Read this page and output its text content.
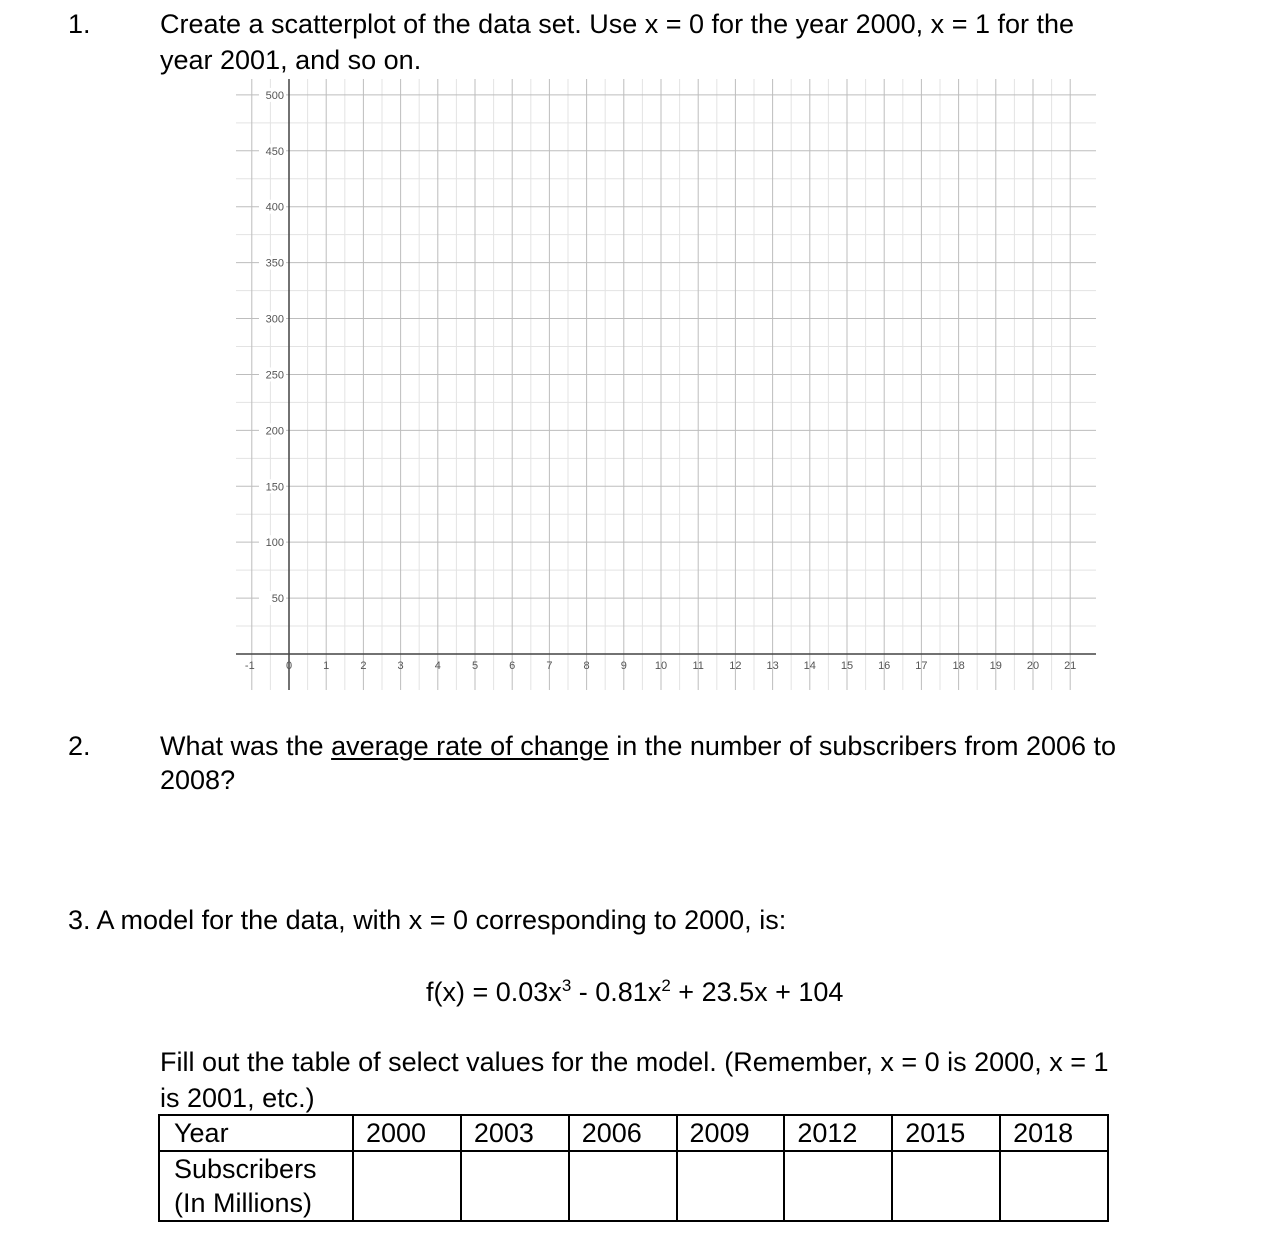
1.	Create a scatterplot of the data set. Use x = 0 for the year 2000, x = 1 for the
year 2001, and so on.
50
100
150
200
250
300
350
400
450
500
-1	0	1	2	3	4	5	6	7	8	9	10 11 12 13 14 15 16 17 18 19 20 21
2.	What was the average rate of change in the number of subscribers from 2006 to
2008?
3. A model for the data, with x = 0 corresponding to 2000, is:
$f(x) = 0.03x^3 - 0.81x^2 + 23.5x + 104$
Fill out the table of select values for the model. (Remember, x = 0 is 2000, x = 1
is 2001, etc.)
Year	2000	2003	2006	2009	2012	2015	2018

Subscribers
(In Millions)							
